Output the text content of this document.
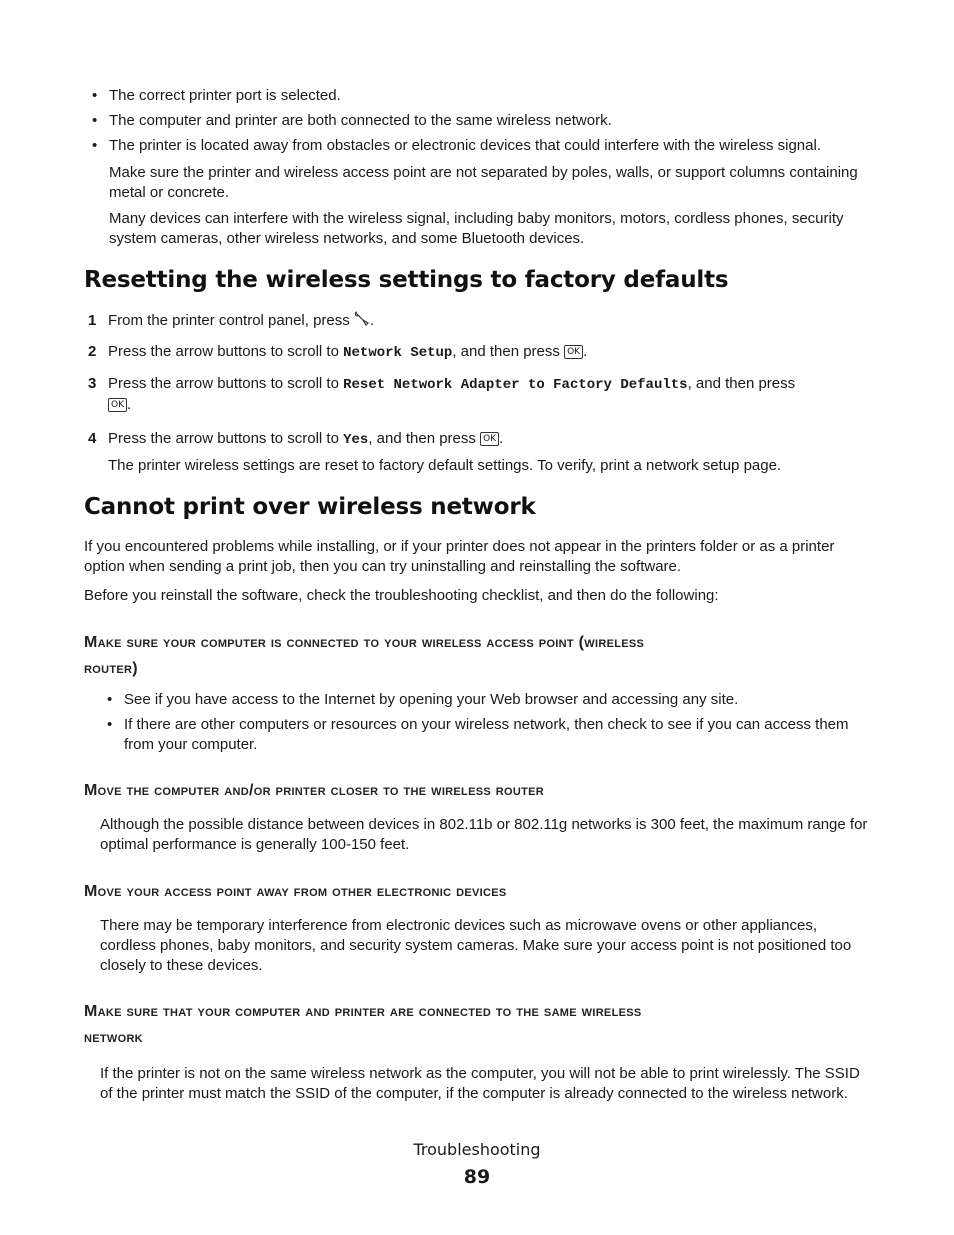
• The correct printer port is selected.
• The computer and printer are both connected to the same wireless network.
• The printer is located away from obstacles or electronic devices that could interfere with the wireless signal.

Make sure the printer and wireless access point are not separated by poles, walls, or support columns containing metal or concrete.

Many devices can interfere with the wireless signal, including baby monitors, motors, cordless phones, security system cameras, other wireless networks, and some Bluetooth devices.

Resetting the wireless settings to factory defaults
1 From the printer control panel, press .
2 Press the arrow buttons to scroll to Network Setup, and then press OK .
3 Press the arrow buttons to scroll to Reset Network Adapter to Factory Defaults, and then press
OK .
4 Press the arrow buttons to scroll to Yes, and then press OK .

The printer wireless settings are reset to factory default settings. To verify, print a network setup page.

Cannot print over wireless network

If you encountered problems while installing, or if your printer does not appear in the printers folder or as a printer option when sending a print job, then you can try uninstalling and reinstalling the software.

Before you reinstall the software, check the troubleshooting checklist, and then do the following:

Make sure your computer is connected to your wireless access point (wireless
router)
• See if you have access to the Internet by opening your Web browser and accessing any site.
• If there are other computers or resources on your wireless network, then check to see if you can access them from your computer.
Move the computer and/or printer closer to the wireless router

Although the possible distance between devices in 802.11b or 802.11g networks is 300 feet, the maximum range for optimal performance is generally 100-150 feet.

Move your access point away from other electronic devices

There may be temporary interference from electronic devices such as microwave ovens or other appliances, cordless phones, baby monitors, and security system cameras. Make sure your access point is not positioned too closely to these devices.

Make sure that your computer and printer are connected to the same wireless
network

If the printer is not on the same wireless network as the computer, you will not be able to print wirelessly. The SSID of the printer must match the SSID of the computer, if the computer is already connected to the wireless network.

Troubleshooting
89
